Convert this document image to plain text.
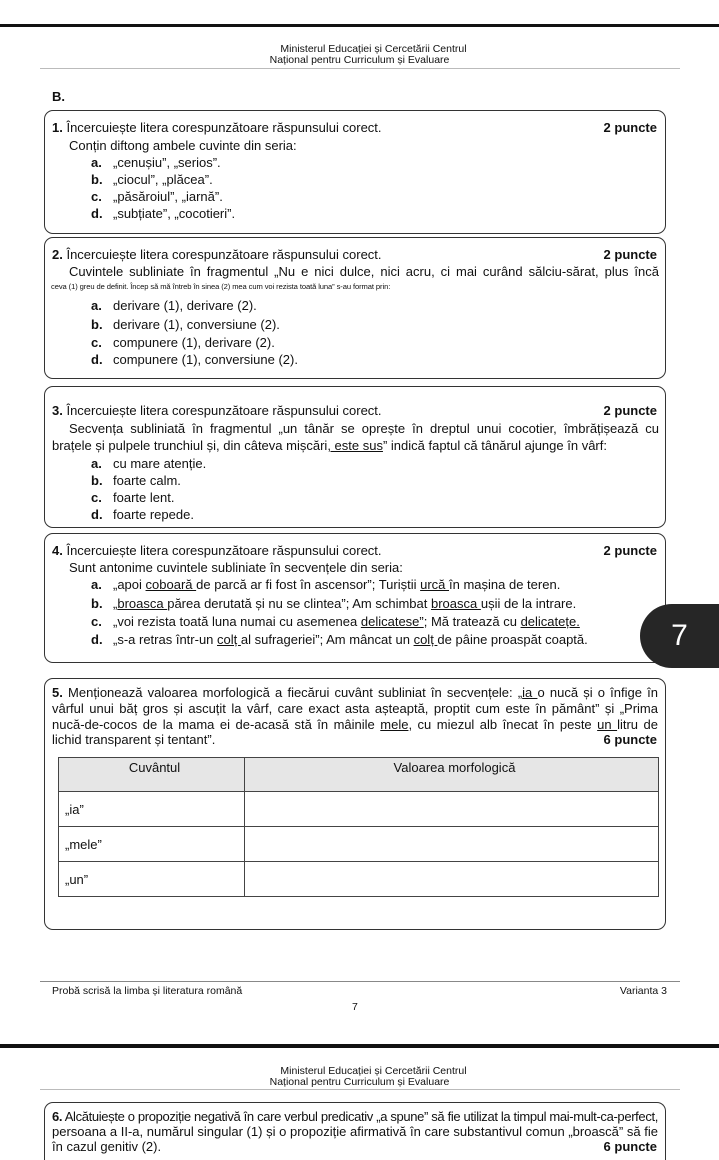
Ministerul Educației și Cercetării Centrul
Național pentru Curriculum și Evaluare
B.
1. Încercuiește litera corespunzătoare răspunsului corect.	2 puncte
Conțin diftong ambele cuvinte din seria:
a. „cenușiu”, „serios”.
b. „ciocul”, „plăcea”.
c. „păsăroiul”, „iarnă”.
d. „subțiate”, „cocotieri”.
2. Încercuiește litera corespunzătoare răspunsului corect.	2 puncte
Cuvintele subliniate în fragmentul „Nu e nici dulce, nici acru, ci mai curând sălciu-sărat, plus încă
ceva (1) greu de definit. Încep să mă întreb în sinea (2) mea cum voi rezista toată luna” s-au format prin:
a. derivare (1), derivare (2).
b. derivare (1), conversiune (2).
c. compunere (1), derivare (2).
d. compunere (1), conversiune (2).
3. Încercuiește litera corespunzătoare răspunsului corect.	2 puncte
Secvența subliniată în fragmentul „un tânăr se oprește în dreptul unui cocotier, îmbrățișează cu
brațele și pulpele trunchiul și, din câteva mișcări, este sus” indică faptul că tânărul ajunge în vârf:
a. cu mare atenție.
b. foarte calm.
c. foarte lent.
d. foarte repede.
4. Încercuiește litera corespunzătoare răspunsului corect.	2 puncte
Sunt antonime cuvintele subliniate în secvențele din seria:
a. „apoi coboară de parcă ar fi fost în ascensor”; Turiștii urcă în mașina de teren.
b. „broasca părea derutată și nu se clintea”; Am schimbat broasca ușii de la intrare.
c. „voi rezista toată luna numai cu asemenea delicatese”; Mă tratează cu delicatețe.
d. „s-a retras într-un colț al sufrageriei”; Am mâncat un colț de pâine proaspăt coaptă.	7
5. Menționează valoarea morfologică a fiecărui cuvânt subliniat în secvențele: „ia o nucă și o înfige în
vârful unui băț gros și ascuțit la vârf, care exact asta așteaptă, proptit cum este în pământ” și „Prima
nucă-de-cocos de la mama ei de-acasă stă în mâinile mele, cu miezul alb înecat în peste un litru de
lichid transparent și tentant”.	6 puncte
Cuvântul	Valoarea morfologică
„ia”	
„mele”	
„un”	
Probă scrisă la limba și literatura română	Varianta 3
7
Ministerul Educației și Cercetării Centrul
Național pentru Curriculum și Evaluare
6. Alcătuiește o propoziție negativă în care verbul predicativ „a spune” să fie utilizat la timpul mai-mult-ca-perfect,
persoana a II-a, numărul singular (1) și o propoziție afirmativă în care substantivul comun „broască” să fie
în cazul genitiv (2).	6 puncte
